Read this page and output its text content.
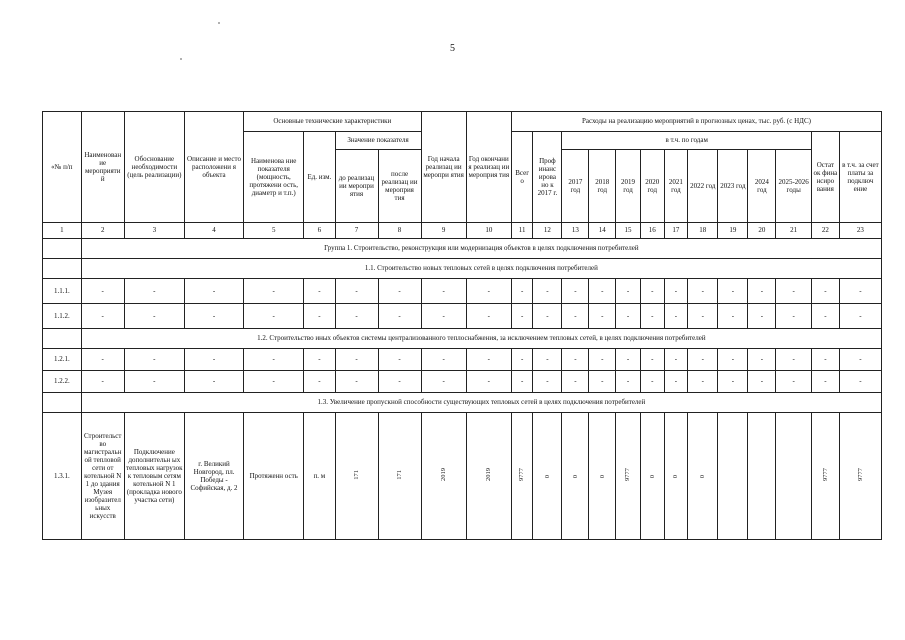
5
«№ п/п	Наименован ие мероприяти й	Обоснование необходимости (цель реализации)	Описание и место расположени я объекта	Основные технические характеристики				Год начала реализац ии меропри ятия	Год окончани я реализац ии мероприя тия	Расходы на реализацию мероприятий в прогнозных ценах, тыс. руб. (с НДС)												
				Наименова ние показателя (мощность, протяжени ость, диаметр и т.п.)	Ед. изм.	Значение показателя				Всег о	Проф инанс ирова но к 2017 г.	в т.ч. по годам									Остат ок фина нсиро вания	в т.ч. за счет платы за подключ ение
						до реализац ии меропри ятия	после реализац ии мероприя тия					2017 год	2018 год	2019 год	2020 год	2021 год	2022 год	2023 год	2024 год	2025-2026 годы		
1	2	3	4	5	6	7	8	9	10	11	12	13	14	15	16	17	18	19	20	21	22	23
	Группа 1. Строительство, реконструкция или модернизация объектов в целях подключения потребителей																					
	1.1. Строительство новых тепловых сетей в целях подключения потребителей																					
1.1.1.	-	-	-	-	-	-	-	-	-	-	-	-	-	-	-	-	-	-	-	-	-	-
1.1.2.	-	-	-	-	-	-	-	-	-	-	-	-	-	-	-	-	-	-	-	-	-	-
	1.2. Строительство иных объектов системы централизованного теплоснабжения, за исключением тепловых сетей, в целях подключения потребителей																					
1.2.1.	-	-	-	-	-	-	-	-	-	-	-	-	-	-	-	-	-	-	-	-	-	-
1.2.2.	-	-	-	-	-	-	-	-	-	-	-	-	-	-	-	-	-	-	-	-	-	-
	1.3. Увеличение пропускной способности существующих тепловых сетей в целях подключения потребителей																					
1.3.1.	Строительст во магистральн ой тепловой сети от котельной N 1 до здания Музея изобразител ьных искусств	Подключение дополнительн ых тепловых нагрузок к тепловым сетям котельной N 1 (прокладка нового участка сети)	г. Великий Новгород, пл. Победы - Софийская, д. 2	Протяженн ость	п. м	171	171	2019	2019	9777	0	0	0	9777	0	0	0				9777	9777
